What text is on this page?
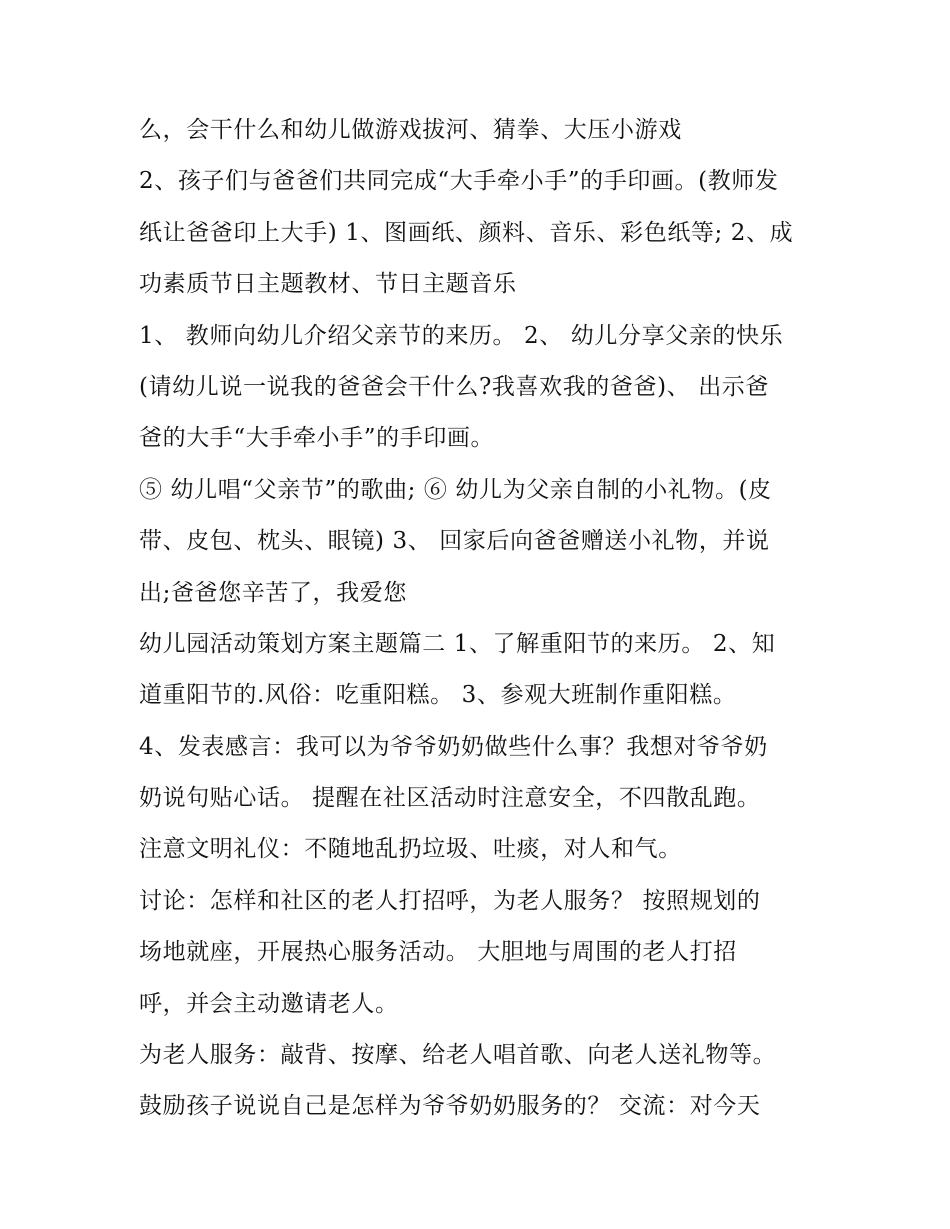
么，会干什么和幼儿做游戏拔河、猜拳、大压小游戏
2、孩子们与爸爸们共同完成“大手牵小手”的手印画。(教师发
纸让爸爸印上大手) 1、图画纸、颜料、音乐、彩色纸等; 2、成
功素质节日主题教材、节日主题音乐
1、 教师向幼儿介绍父亲节的来历。 2、 幼儿分享父亲的快乐
(请幼儿说一说我的爸爸会干什么?我喜欢我的爸爸)、 出示爸
爸的大手“大手牵小手”的手印画。
⑤ 幼儿唱“父亲节”的歌曲; ⑥ 幼儿为父亲自制的小礼物。(皮
带、皮包、枕头、眼镜) 3、 回家后向爸爸赠送小礼物，并说
出;爸爸您辛苦了，我爱您
幼儿园活动策划方案主题篇二 1、了解重阳节的来历。 2、知
道重阳节的.风俗：吃重阳糕。 3、参观大班制作重阳糕。
4、发表感言：我可以为爷爷奶奶做些什么事？我想对爷爷奶
奶说句贴心话。 提醒在社区活动时注意安全，不四散乱跑。
注意文明礼仪：不随地乱扔垃圾、吐痰，对人和气。
讨论：怎样和社区的老人打招呼，为老人服务？ 按照规划的
场地就座，开展热心服务活动。 大胆地与周围的老人打招
呼，并会主动邀请老人。
为老人服务：敲背、按摩、给老人唱首歌、向老人送礼物等。
鼓励孩子说说自己是怎样为爷爷奶奶服务的？ 交流：对今天
